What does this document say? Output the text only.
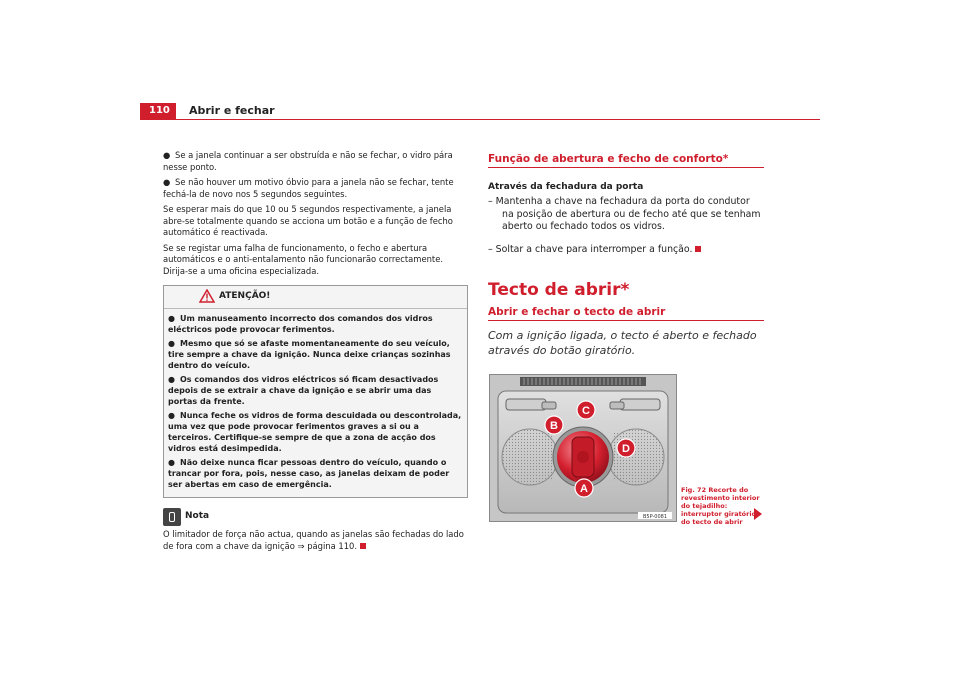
110	Abrir e fechar

● Se a janela continuar a ser obstruída e não se fechar, o vidro pára nesse ponto.

● Se não houver um motivo óbvio para a janela não se fechar, tente fechá-la de novo nos 5 segundos seguintes.

Se esperar mais do que 10 ou 5 segundos respectivamente, a janela abre-se totalmente quando se acciona um botão e a função de fecho automático é reactivada.

Se se registar uma falha de funcionamento, o fecho e abertura automáticos e o anti-entalamento não funcionarão correctamente. Dirija-se a uma oficina especializada.

ATENÇÃO!

● Um manuseamento incorrecto dos comandos dos vidros eléctricos pode provocar ferimentos.

● Mesmo que só se afaste momentaneamente do seu veículo, tire sempre a chave da ignição. Nunca deixe crianças sozinhas dentro do veículo.

● Os comandos dos vidros eléctricos só ficam desactivados depois de se extrair a chave da ignição e se abrir uma das portas da frente.

● Nunca feche os vidros de forma descuidada ou descontrolada, uma vez que pode provocar ferimentos graves a si ou a terceiros. Certifique-se sempre de que a zona de acção dos vidros está desimpedida.

● Não deixe nunca ficar pessoas dentro do veículo, quando o trancar por fora, pois, nesse caso, as janelas deixam de poder ser abertas em caso de emergência.

Nota

O limitador de força não actua, quando as janelas são fechadas do lado de fora com a chave da ignição ⇒ página 110.

Função de abertura e fecho de conforto*
Através da fechadura da porta

– Mantenha a chave na fechadura da porta do condutor na posição de abertura ou de fecho até que se tenham aberto ou fechado todos os vidros.

– Soltar a chave para interromper a função.

Tecto de abrir*
Abrir e fechar o tecto de abrir

Com a ignição ligada, o tecto é aberto e fechado através do botão giratório.

C
B
D
A
B5P-0081
Fig. 72 Recorte do revestimento interior do tejadilho: interruptor giratório do tecto de abrir
